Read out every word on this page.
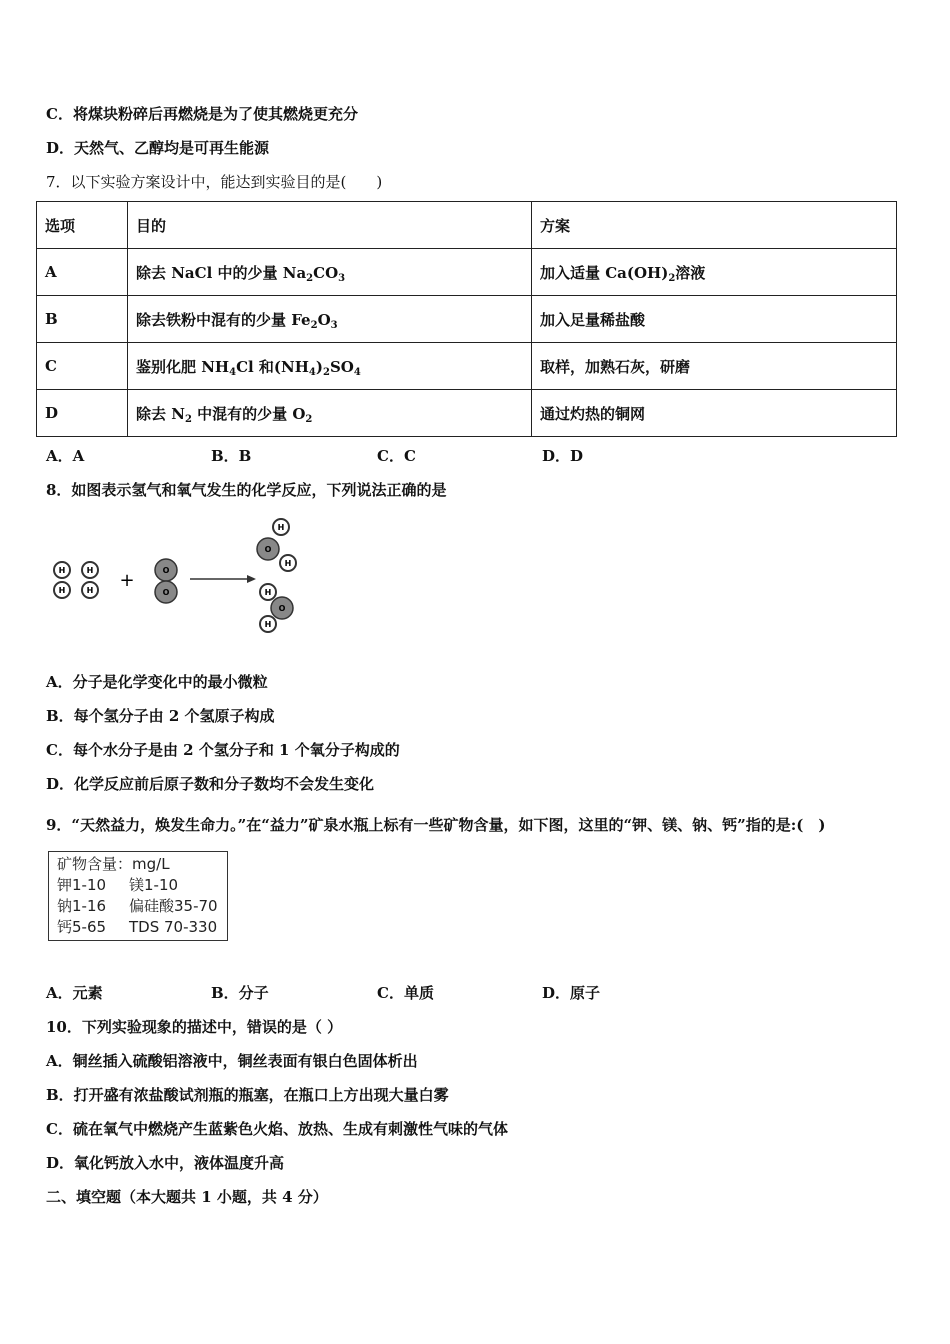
C．将煤块粉碎后再燃烧是为了使其燃烧更充分
D．天然气、乙醇均是可再生能源
7．以下实验方案设计中，能达到实验目的是(　　)
选项	目的	方案
A	除去 NaCl 中的少量 $Na_2CO_3$	加入适量 $Ca(OH)_2$溶液
B	除去铁粉中混有的少量 $Fe_2O_3$	加入足量稀盐酸
C	鉴别化肥 $NH_4Cl$ 和$(NH_4)_2SO_4$	取样，加熟石灰，研磨
D	除去 $N_2$ 中混有的少量 $O_2$	通过灼热的铜网
A．A	B．B	C．C	D．D
8．如图表示氢气和氧气发生的化学反应，下列说法正确的是
H
H
H
H +	O
O
O
H
H
O
H
H
A．分子是化学变化中的最小微粒
B．每个氢分子由 2 个氢原子构成
C．每个水分子是由 2 个氢分子和 1 个氧分子构成的
D．化学反应前后原子数和分子数均不会发生变化
9．“天然益力，焕发生命力。”在“益力”矿泉水瓶上标有一些矿物含量，如下图，这里的“钾、镁、钠、钙”指的是:(　)
矿物含量：mg/L
钾1-10 镁1-10
钠1-16 偏硅酸35-70
钙5-65 TDS 70-330
A．元素	B．分子	C．单质	D．原子
10．下列实验现象的描述中，错误的是（ ）
A．铜丝插入硫酸铝溶液中，铜丝表面有银白色固体析出
B．打开盛有浓盐酸试剂瓶的瓶塞，在瓶口上方出现大量白雾
C．硫在氧气中燃烧产生蓝紫色火焰、放热、生成有刺激性气味的气体
D．氧化钙放入水中，液体温度升高
二、填空题（本大题共 1 小题，共 4 分）
